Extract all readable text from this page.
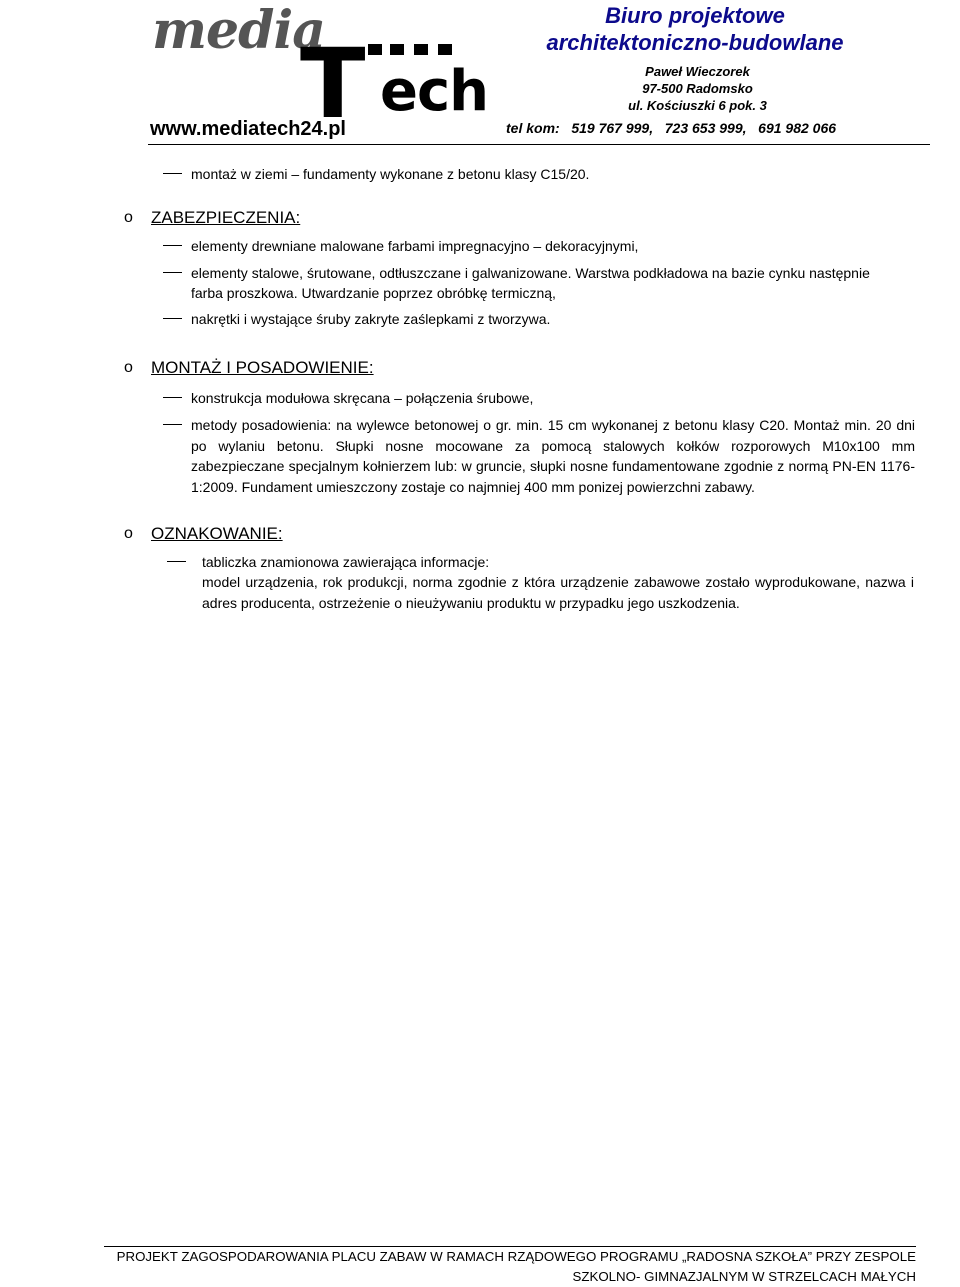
media
T ech
www.mediatech24.pl
Biuro projektowe
architektoniczno-budowlane
Paweł Wieczorek
97-500 Radomsko
ul. Kościuszki 6 pok. 3
tel kom:   519 767 999,   723 653 999,   691 982 066
montaż w ziemi – fundamenty wykonane z betonu klasy C15/20.
o ZABEZPIECZENIA:
elementy drewniane malowane farbami impregnacyjno – dekoracyjnymi,
elementy stalowe, śrutowane, odtłuszczane i galwanizowane. Warstwa podkładowa na bazie cynku następnie
farba proszkowa. Utwardzanie poprzez obróbkę termiczną,
nakrętki i wystające śruby zakryte zaślepkami z tworzywa.
o MONTAŻ I POSADOWIENIE:
konstrukcja modułowa skręcana – połączenia śrubowe,
metody posadowienia: na wylewce betonowej o gr. min. 15 cm wykonanej z betonu klasy C20. Montaż min. 20 dni po wylaniu betonu. Słupki nosne mocowane za pomocą stalowych kołków rozporowych M10x100 mm zabezpieczane specjalnym kołnierzem lub: w gruncie, słupki nosne fundamentowane zgodnie z normą PN-EN 1176-1:2009. Fundament umieszczony zostaje co najmniej 400 mm ponizej powierzchni zabawy.
o OZNAKOWANIE:
tabliczka znamionowa zawierająca informacje:
model urządzenia, rok produkcji, norma zgodnie z która urządzenie zabawowe zostało wyprodukowane, nazwa i adres producenta, ostrzeżenie o nieużywaniu produktu w przypadku jego uszkodzenia.
PROJEKT ZAGOSPODAROWANIA PLACU ZABAW W RAMACH RZĄDOWEGO PROGRAMU „RADOSNA SZKOŁA” PRZY ZESPOLE
SZKOLNO- GIMNAZJALNYM W STRZELCACH MAŁYCH
